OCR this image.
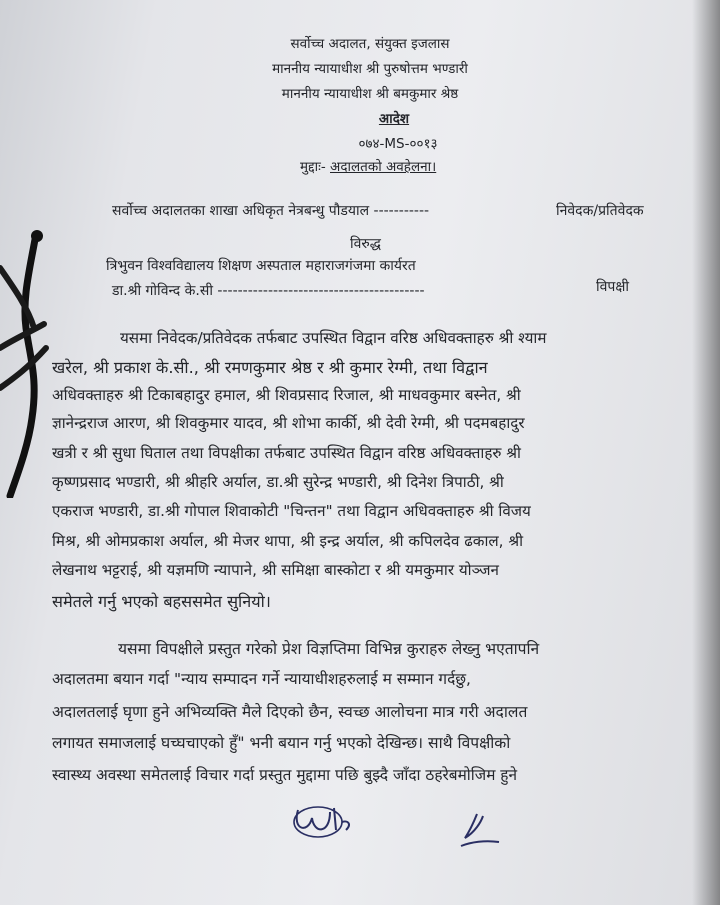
सर्वोच्च अदालत, संयुक्त इजलास
माननीय न्यायाधीश श्री पुरुषोत्तम भण्डारी
माननीय न्यायाधीश श्री बमकुमार श्रेष्ठ
आदेश
०७४-MS-००१३
मुद्दाः- अदालतको अवहेलना।
सर्वोच्च अदालतका शाखा अधिकृत नेत्रबन्धु पौडयाल -----------	निवेदक/प्रतिवेदक
विरुद्ध
त्रिभुवन विश्वविद्यालय शिक्षण अस्पताल महाराजगंजमा कार्यरत
डा.श्री गोविन्द के.सी -----------------------------------------	विपक्षी
यसमा निवेदक/प्रतिवेदक तर्फबाट उपस्थित विद्वान वरिष्ठ अधिवक्ताहरु श्री श्याम
खरेल, श्री प्रकाश के.सी., श्री रमणकुमार श्रेष्ठ र श्री कुमार रेग्मी, तथा विद्वान
अधिवक्ताहरु श्री टिकाबहादुर हमाल, श्री शिवप्रसाद रिजाल, श्री माधवकुमार बस्नेत, श्री
ज्ञानेन्द्रराज आरण, श्री शिवकुमार यादव, श्री शोभा कार्की, श्री देवी रेग्मी, श्री पदमबहादुर
खत्री र श्री सुधा घिताल तथा विपक्षीका तर्फबाट उपस्थित विद्वान वरिष्ठ अधिवक्ताहरु श्री
कृष्णप्रसाद भण्डारी, श्री श्रीहरि अर्याल, डा.श्री सुरेन्द्र भण्डारी, श्री दिनेश त्रिपाठी, श्री
एकराज भण्डारी, डा.श्री गोपाल शिवाकोटी "चिन्तन" तथा विद्वान अधिवक्ताहरु श्री विजय
मिश्र, श्री ओमप्रकाश अर्याल, श्री मेजर थापा, श्री इन्द्र अर्याल, श्री कपिलदेव ढकाल, श्री
लेखनाथ भट्टराई, श्री यज्ञमणि न्यापाने, श्री समिक्षा बास्कोटा र श्री यमकुमार योञ्जन
समेतले गर्नु भएको बहससमेत सुनियो।
यसमा विपक्षीले प्रस्तुत गरेको प्रेश विज्ञप्तिमा विभिन्न कुराहरु लेख्नु भएतापनि
अदालतमा बयान गर्दा "न्याय सम्पादन गर्ने न्यायाधीशहरुलाई म सम्मान गर्दछु,
अदालतलाई घृणा हुने अभिव्यक्ति मैले दिएको छैन, स्वच्छ आलोचना मात्र गरी अदालत
लगायत समाजलाई घच्घचाएको हुँ" भनी बयान गर्नु भएको देखिन्छ। साथै विपक्षीको
स्वास्थ्य अवस्था समेतलाई विचार गर्दा प्रस्तुत मुद्दामा पछि बुझ्दै जाँदा ठहरेबमोजिम हुने
